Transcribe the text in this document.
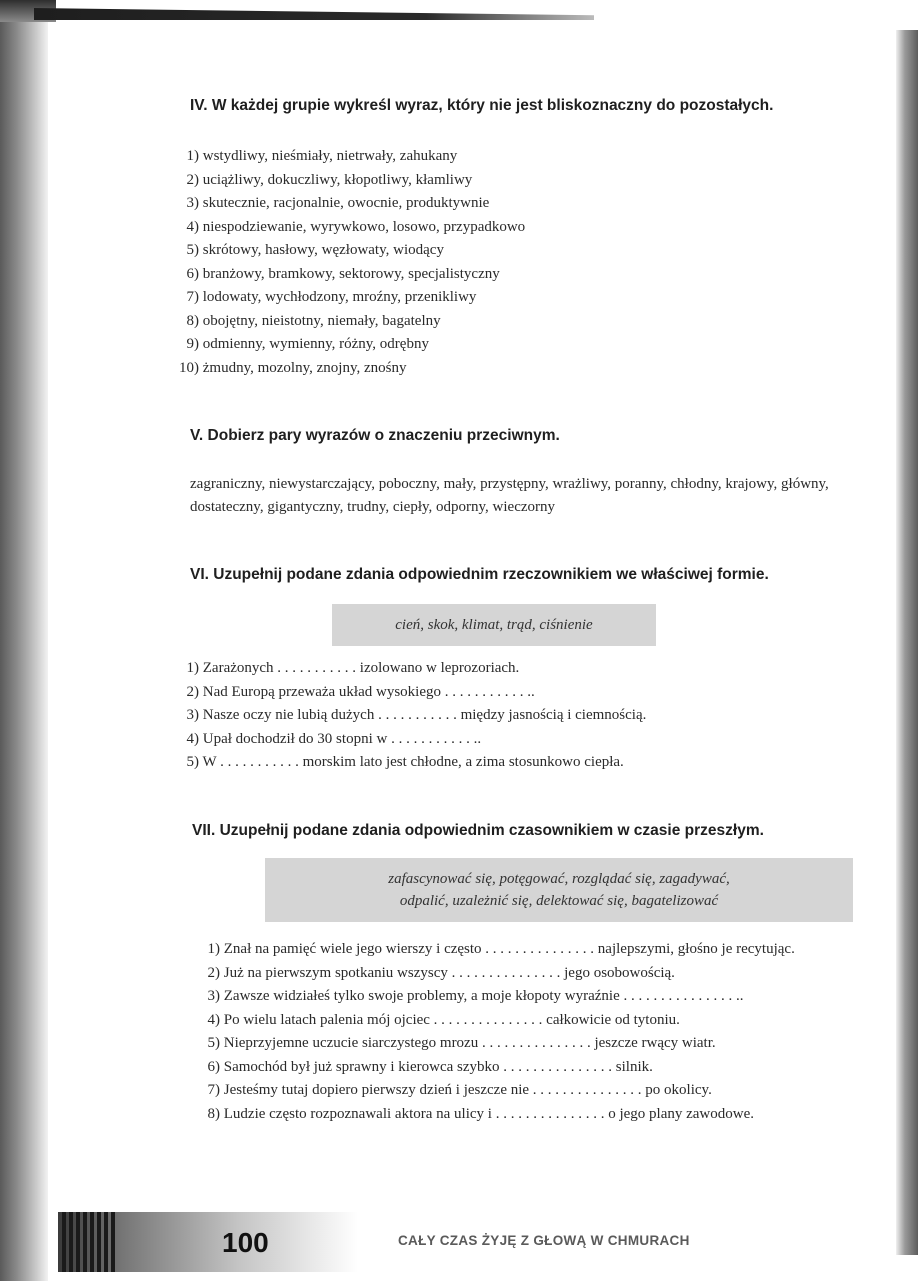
IV. W każdej grupie wykreśl wyraz, który nie jest bliskoznaczny do pozostałych.
1) wstydliwy, nieśmiały, nietrwały, zahukany
2) uciążliwy, dokuczliwy, kłopotliwy, kłamliwy
3) skutecznie, racjonalnie, owocnie, produktywnie
4) niespodziewanie, wyrywkowo, losowo, przypadkowo
5) skrótowy, hasłowy, węzłowaty, wiodący
6) branżowy, bramkowy, sektorowy, specjalistyczny
7) lodowaty, wychłodzony, mroźny, przenikliwy
8) obojętny, nieistotny, niemały, bagatelny
9) odmienny, wymienny, różny, odrębny
10) żmudny, mozolny, znojny, znośny
V. Dobierz pary wyrazów o znaczeniu przeciwnym.

zagraniczny, niewystarczający, poboczny, mały, przystępny, wrażliwy, poranny, chłodny, krajowy, główny, dostateczny, gigantyczny, trudny, ciepły, odporny, wieczorny

VI. Uzupełnij podane zdania odpowiednim rzeczownikiem we właściwej formie.
cień, skok, klimat, trąd, ciśnienie
1) Zarażonych . . . . . . . . . . . izolowano w leprozoriach.
2) Nad Europą przeważa układ wysokiego . . . . . . . . . . . ..
3) Nasze oczy nie lubią dużych . . . . . . . . . . . między jasnością i ciemnością.
4) Upał dochodził do 30 stopni w . . . . . . . . . . . ..
5) W . . . . . . . . . . . morskim lato jest chłodne, a zima stosunkowo ciepła.
VII. Uzupełnij podane zdania odpowiednim czasownikiem w czasie przeszłym.
zafascynować się, potęgować, rozglądać się, zagadywać,
odpalić, uzależnić się, delektować się, bagatelizować
1) Znał na pamięć wiele jego wierszy i często . . . . . . . . . . . . . . . najlepszymi, głośno je recytując.
2) Już na pierwszym spotkaniu wszyscy . . . . . . . . . . . . . . . jego osobowością.
3) Zawsze widziałeś tylko swoje problemy, a moje kłopoty wyraźnie . . . . . . . . . . . . . . . ..
4) Po wielu latach palenia mój ojciec . . . . . . . . . . . . . . . całkowicie od tytoniu.
5) Nieprzyjemne uczucie siarczystego mrozu . . . . . . . . . . . . . . . jeszcze rwący wiatr.
6) Samochód był już sprawny i kierowca szybko . . . . . . . . . . . . . . . silnik.
7) Jesteśmy tutaj dopiero pierwszy dzień i jeszcze nie . . . . . . . . . . . . . . . po okolicy.
8) Ludzie często rozpoznawali aktora na ulicy i . . . . . . . . . . . . . . . o jego plany zawodowe.
100	CAŁY CZAS ŻYJĘ Z GŁOWĄ W CHMURACH
